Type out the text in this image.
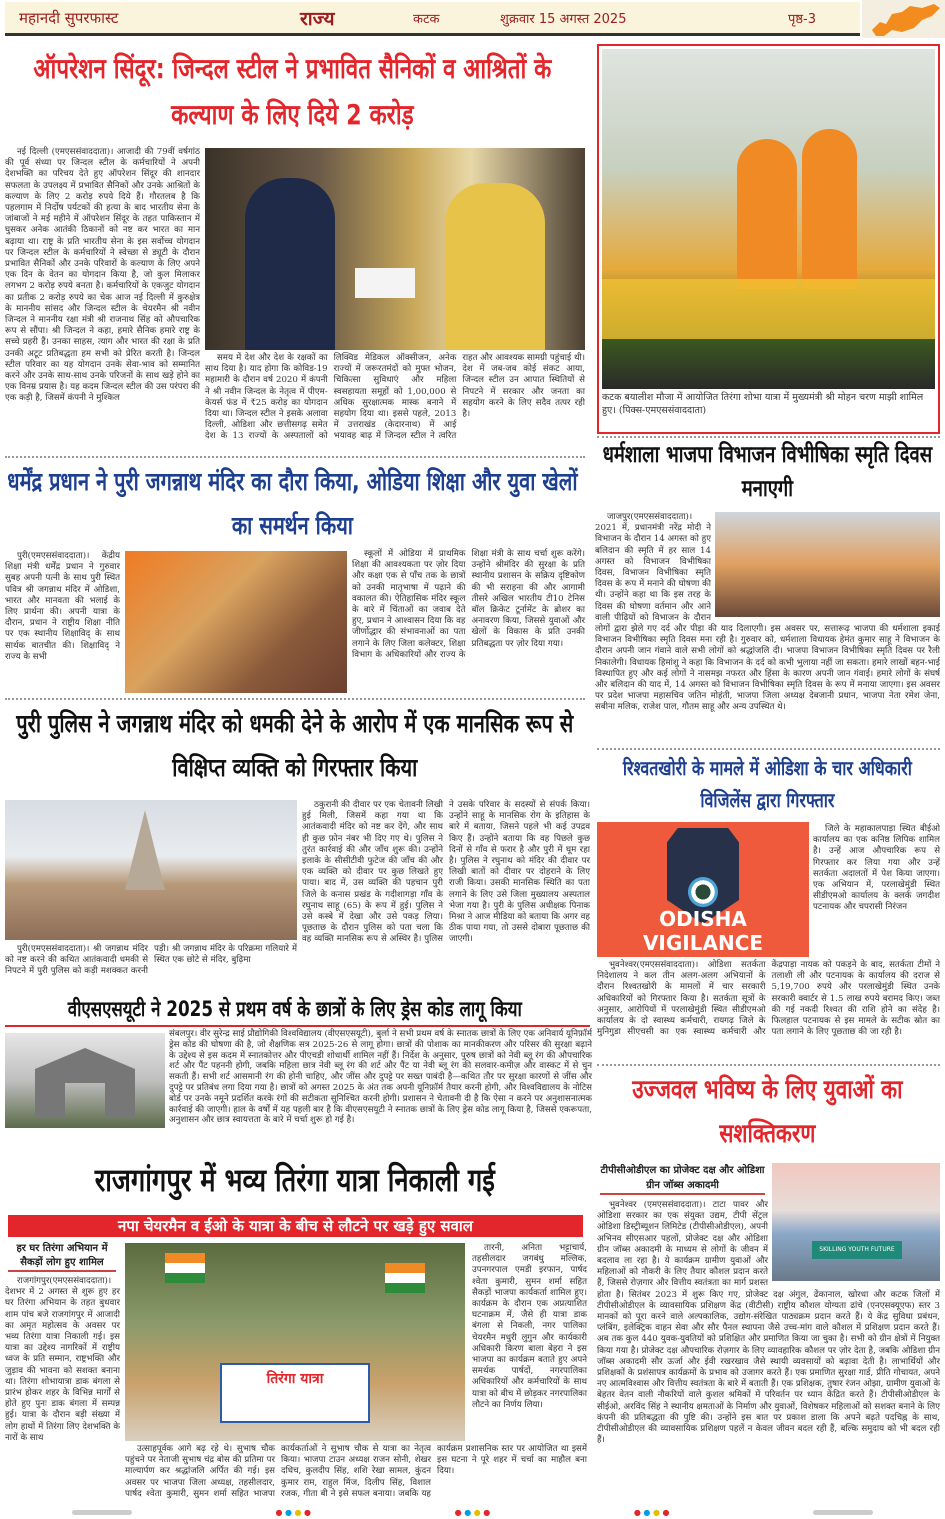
महानदी सुपरफास्ट	राज्य	कटक	शुक्रवार 15 अगस्त 2025	पृष्ठ-3
ऑपरेशन सिंदूर: जिन्दल स्टील ने प्रभावित सैनिकों व आश्रितों के कल्याण के लिए दिये 2 करोड़

नई दिल्ली (एमएससंवाददाता)। आजादी की 79वीं वर्षगांठ की पूर्व संध्या पर जिन्दल स्टील के कर्मचारियों ने अपनी देशभक्ति का परिचय देते हुए ऑपरेशन सिंदूर की शानदार सफलता के उपलक्ष्य में प्रभावित सैनिकों और उनके आश्रितों के कल्याण के लिए 2 करोड़ रुपये दिये हैं। गौरतलब है कि पहलगाम में निर्दोष पर्यटकों की हत्या के बाद भारतीय सेना के जांबाजों ने मई महीने में ऑपरेशन सिंदूर के तहत पाकिस्तान में घुसकर अनेक आतंकी ठिकानों को नष्ट कर भारत का मान बढ़ाया था। राष्ट्र के प्रति भारतीय सेना के इस सर्वोच्च योगदान पर जिन्दल स्टील के कर्मचारियों ने स्वेच्छा से ड्यूटी के दौरान प्रभावित सैनिकों और उनके परिवारों के कल्याण के लिए अपने एक दिन के वेतन का योगदान किया है, जो कुल मिलाकर लगभग 2 करोड़ रुपये बनता है। कर्मचारियों के एकजुट योगदान का प्रतीक 2 करोड़ रुपये का चेक आज नई दिल्ली में कुरुक्षेत्र के माननीय सांसद और जिन्दल स्टील के चेयरमैन श्री नवीन जिन्दल ने माननीय रक्षा मंत्री श्री राजनाथ सिंह को औपचारिक रूप से सौंपा। श्री जिन्दल ने कहा, हमारे सैनिक हमारे राष्ट्र के सच्चे प्रहरी हैं। उनका साहस, त्याग और भारत की रक्षा के प्रति उनकी अटूट प्रतिबद्धता हम सभी को प्रेरित करती है। जिन्दल स्टील परिवार का यह योगदान उनके सेवा-भाव को सम्मानित करने और उनके साथ-साथ उनके परिजनों के साथ खड़े होने का एक विनम्र प्रयास है। यह कदम जिन्दल स्टील की उस परंपरा की एक कड़ी है, जिसमें कंपनी ने मुश्किल

समय में देश और देश के रक्षकों का साथ दिया है। याद होगा कि कोविड-19 महामारी के दौरान वर्ष 2020 में कंपनी ने श्री नवीन जिन्दल के नेतृत्व में पीएम-केयर्स फंड में ₹25 करोड़ का योगदान दिया था। जिन्दल स्टील ने इसके अलावा दिल्ली, ओडिशा और छत्तीसगढ़ समेत देश के 13 राज्यों के अस्पतालों को लिक्विड मेडिकल ऑक्सीजन, अनेक राज्यों में जरूरतमंदों को मुफ्त भोजन, चिकित्सा सुविधाएं और महिला स्वसहायता समूहों को 1,00,000 से अधिक सुरक्षात्मक मास्क बनाने में सहयोग दिया था। इससे पहले, 2013 में उत्तराखंड (केदारनाथ) में आई भयावह बाढ़ में जिन्दल स्टील ने त्वरित राहत और आवश्यक सामग्री पहुंचाई थी। देश में जब-जब कोई संकट आया, जिन्दल स्टील उन आपात स्थितियों से निपटने में सरकार और जनता का सहयोग करने के लिए सदैव तत्पर रही है।

कटक बयालीश मौजा में आयोजित तिरंगा शोभा यात्रा में मुख्यमंत्री श्री मोहन चरण माझी शामिल हुए। (पिक्स-एमएससंवाददाता)
धर्मेंद्र प्रधान ने पुरी जगन्नाथ मंदिर का दौरा किया, ओडिया शिक्षा और युवा खेलों का समर्थन किया

पुरी(एमएससंवाददाता)। केंद्रीय शिक्षा मंत्री धर्मेंद्र प्रधान ने गुरुवार सुबह अपनी पत्नी के साथ पुरी स्थित पवित्र श्री जगन्नाथ मंदिर में ओडिशा, भारत और मानवता की भलाई के लिए प्रार्थना की। अपनी यात्रा के दौरान, प्रधान ने राष्ट्रीय शिक्षा नीति पर एक स्थानीय शिक्षाविद् के साथ सार्थक बातचीत की। शिक्षाविद् ने राज्य के सभी

स्कूलों में ओडिया में प्राथमिक शिक्षा की आवश्यकता पर ज़ोर दिया और कक्षा एक से पाँच तक के छात्रों को उनकी मातृभाषा में पढ़ाने की वकालत की। ऐतिहासिक मंदिर स्कूल के बारे में चिंताओं का जवाब देते हुए, प्रधान ने आश्वासन दिया कि वह जीर्णोद्धार की संभावनाओं का पता लगाने के लिए जिला कलेक्टर, शिक्षा विभाग के अधिकारियों और राज्य के शिक्षा मंत्री के साथ चर्चा शुरू करेंगे। उन्होंने श्रीमंदिर की सुरक्षा के प्रति स्थानीय प्रशासन के सक्रिय दृष्टिकोण की भी सराहना की और आगामी तीसरे अखिल भारतीय टी10 टेनिस बॉल क्रिकेट टूर्नामेंट के ब्रोशर का अनावरण किया, जिससे युवाओं और खेलों के विकास के प्रति उनकी प्रतिबद्धता पर ज़ोर दिया गया।

पुरी पुलिस ने जगन्नाथ मंदिर को धमकी देने के आरोप में एक मानसिक रूप से विक्षिप्त व्यक्ति को गिरफ्तार किया

पुरी(एमएससंवाददाता)। श्री जगन्नाथ मंदिर को नष्ट करने की कथित आतंकवादी धमकी से निपटने में पुरी पुलिस को कड़ी मशक्कत करनी पड़ी। श्री जगन्नाथ मंदिर के परिक्रमा गलियारे में स्थित एक छोटे से मंदिर, बुढ़िमा

ठकुरानी की दीवार पर एक चेतावनी लिखी हुई मिली, जिसमें कहा गया था कि आतंकवादी मंदिर को नष्ट कर देंगे, और साथ ही कुछ फ़ोन नंबर भी दिए गए थे। पुलिस ने तुरंत कार्रवाई की और जाँच शुरू की। उन्होंने इलाके के सीसीटीवी फुटेज की जाँच की और एक व्यक्ति को दीवार पर कुछ लिखते हुए पाया। बाद में, उस व्यक्ति की पहचान पुरी जिले के कनास प्रखंड के गदीशागड़ा गाँव के रघुनाथ साहू (65) के रूप में हुई। पुलिस ने उसे कस्बे में देखा और उसे पकड़ लिया। पूछताछ के दौरान पुलिस को पता चला कि वह व्यक्ति मानसिक रूप से अस्थिर है। पुलिस ने उसके परिवार के सदस्यों से संपर्क किया। उन्होंने साहू के मानसिक रोग के इतिहास के बारे में बताया, जिसने पहले भी कई उपद्रव किए हैं। उन्होंने बताया कि वह पिछले कुछ दिनों से गाँव से फरार है और पुरी में घूम रहा है। पुलिस ने रघुनाथ को मंदिर की दीवार पर लिखी बातों को दीवार पर दोहराने के लिए राजी किया। उसकी मानसिक स्थिति का पता लगाने के लिए उसे जिला मुख्यालय अस्पताल भेजा गया है। पुरी के पुलिस अधीक्षक पिनाक मिश्रा ने आज मीडिया को बताया कि अगर वह ठीक पाया गया, तो उससे दोबारा पूछताछ की जाएगी।

वीएसएसयूटी ने 2025 से प्रथम वर्ष के छात्रों के लिए ड्रेस कोड लागू किया

संबलपुर। वीर सुरेन्द्र साई प्रौद्योगिकी विश्वविद्यालय (वीएसएसयूटी), बुर्ला ने सभी प्रथम वर्ष के स्नातक छात्रों के लिए एक अनिवार्य यूनिफ़ॉर्म ड्रेस कोड की घोषणा की है, जो शैक्षणिक सत्र 2025-26 से लागू होगा। छात्रों की पोशाक का मानकीकरण और परिसर की सुरक्षा बढ़ाने के उद्देश्य से इस कदम में स्नातकोत्तर और पीएचडी शोधार्थी शामिल नहीं हैं। निर्देश के अनुसार, पुरुष छात्रों को नेवी ब्लू रंग की औपचारिक शर्ट और पैंट पहननी होगी, जबकि महिला छात्र नेवी ब्लू रंग की शर्ट और पैंट या नेवी ब्लू रंग की सलवार-कमीज़ और वास्कट में से चुन सकती हैं। सभी शर्ट आसमानी रंग की होनी चाहिए, और जींस और दुपट्टे पर सख्त पाबंदी है—कथित तौर पर सुरक्षा कारणों से जींस और दुपट्टे पर प्रतिबंध लगा दिया गया है। छात्रों को अगस्त 2025 के अंत तक अपनी यूनिफ़ॉर्म तैयार करनी होगी, और विश्वविद्यालय के नोटिस बोर्ड पर उनके नमूने प्रदर्शित करके रंगों की सटीकता सुनिश्चित करनी होगी। प्रशासन ने चेतावनी दी है कि ऐसा न करने पर अनुशासनात्मक कार्रवाई की जाएगी। हाल के वर्षों में यह पहली बार है कि वीएसएसयूटी ने स्नातक छात्रों के लिए ड्रेस कोड लागू किया है, जिससे एकरूपता, अनुशासन और छात्र स्वायत्तता के बारे में चर्चा शुरू हो गई है।

राजगांगपुर में भव्य तिरंगा यात्रा निकाली गई
नपा चेयरमैन व ईओ के यात्रा के बीच से लौटने पर खड़े हुए सवाल
हर घर तिरंगा अभियान में सैकड़ों लोग हुए शामिल

राजगांगपुर(एमएससंवाददाता)। देशभर में 2 अगस्त से शुरू हुए हर घर तिरंगा अभियान के तहत बुधवार शाम पांच बजे राजगांगपुर में आजादी का अमृत महोत्सव के अवसर पर भव्य तिरंगा यात्रा निकाली गई। इस यात्रा का उद्देश्य नागरिकों में राष्ट्रीय ध्वज के प्रति सम्मान, राष्ट्रभक्ति और जुड़ाव की भावना को सशक्त बनाना था। तिरंगा शोभायात्रा डाक बंगला से प्रारंभ होकर शहर के विभिन्न मार्गों से होते हुए पुनः डाक बंगला में सम्पन्न हुई। यात्रा के दौरान बड़ी संख्या में लोग हाथों में तिरंगा लिए देशभक्ति के नारों के साथ

तिरंगा यात्रा

तारनी, अनिता भट्टाचार्य, तहसीलदार जगबंधु मल्लिक, उपनगरपाल एमडी इरफान, पार्षद श्वेता कुमारी, सुमन शर्मा सहित सैकड़ों भाजपा कार्यकर्ता शामिल हुए। कार्यक्रम के दौरान एक अप्रत्याशित घटनाक्रम में, जैसे ही यात्रा डाक बंगला से निकली, नगर पालिका चेयरमैन मधुरी लुगुन और कार्यकारी अधिकारी किरण बाला बेहरा ने इस भाजपा का कार्यक्रम बताते हुए अपने समर्थक पार्षदों, नगरपालिका अधिकारियों और कर्मचारियों के साथ यात्रा को बीच में छोड़कर नगरपालिका लौटने का निर्णय लिया।

उत्साहपूर्वक आगे बढ़ रहे थे। सुभाष चौक पहुंचने पर नेताजी सुभाष चंद्र बोस की प्रतिमा पर माल्यार्पण कर श्रद्धांजलि अर्पित की गई। इस अवसर पर भाजपा जिला अध्यक्ष, तहसीलदार, पार्षद श्वेता कुमारी, सुमन शर्मा सहित भाजपा कार्यकर्ताओं ने सुभाष चौक से यात्रा का नेतृत्व किया। भाजपा टाउन अध्यक्ष राजन सोनी, शेखर दधिच, कुलदीप सिंह, शशि रेखा सामल, कुंदन कुमार राम, राहुल मिंज, दिलीप सिंह, विशाल रजक, गीता बी ने इसे सफल बनाया। जबकि यह कार्यक्रम प्रशासनिक स्तर पर आयोजित था इसमें इस घटना ने पूरे शहर में चर्चा का माहौल बना दिया।

धर्मशाला भाजपा विभाजन विभीषिका स्मृति दिवस मनाएगी

जाजपुर(एमएससंवाददाता)। 2021 में, प्रधानमंत्री नरेंद्र मोदी ने विभाजन के दौरान 14 अगस्त को हुए बलिदान की स्मृति में हर साल 14 अगस्त को विभाजन विभीषिका दिवस, विभाजन विभीषिका स्मृति दिवस के रूप में मनाने की घोषणा की थी। उन्होंने कहा था कि इस तरह के दिवस की घोषणा वर्तमान और आने वाली पीढ़ियों को विभाजन के दौरान लोगों द्वारा झेले गए दर्द और पीड़ा की याद दिलाएगी। इस अवसर पर, सत्तारूढ़ भाजपा की धर्मशाला इकाई विभाजन विभीषिका स्मृति दिवस मना रही है। गुरुवार को, धर्मशाला विधायक हेमंत कुमार साहू ने विभाजन के दौरान अपनी जान गंवाने वाले सभी लोगों को श्रद्धांजलि दी। भाजपा विभाजन विभीषिका स्मृति दिवस पर रैली निकालेगी। विधायक हिमांशु ने कहा कि विभाजन के दर्द को कभी भुलाया नहीं जा सकता। हमारे लाखों बहन-भाई विस्थापित हुए और कई लोगों ने नासमझ नफरत और हिंसा के कारण अपनी जान गंवाई। हमारे लोगों के संघर्ष और बलिदान की याद में, 14 अगस्त को विभाजन विभीषिका स्मृति दिवस के रूप में मनाया जाएगा। इस अवसर पर प्रदेश भाजपा महासचिव जतिन मोहंती, भाजपा जिला अध्यक्ष देबजानी प्रधान, भाजपा नेता रमेश जेना, सबीना मलिक, राजेश पाल, गौतम साहू और अन्य उपस्थित थे।

रिश्वतखोरी के मामले में ओडिशा के चार अधिकारी विजिलेंस द्वारा गिरफ्तार
ODISHA VIGILANCE

जिले के महाकालपाड़ा स्थित बीईओ कार्यालय का एक कनिष्ठ लिपिक शामिल है। उन्हें आज औपचारिक रूप से गिरफ्तार कर लिया गया और उन्हें सतर्कता अदालतों में पेश किया जाएगा। एक अभियान में, परलाखेमुंडी स्थित सीडीएमओ कार्यालय के क्लर्क जगदीश पटनायक और चपरासी निरंजन

भुवनेश्वर(एमएससंवाददाता)। ओडिशा सतर्कता निदेशालय ने कल तीन अलग-अलग अभियानों के दौरान रिश्वतखोरी के मामलों में चार सरकारी अधिकारियों को गिरफ्तार किया है। सतर्कता सूत्रों के अनुसार, आरोपियों में परलाखेमुंडी स्थित सीडीएमओ कार्यालय के दो स्वास्थ्य कर्मचारी, रायगढ़ जिले के मुनिगुडा सीएचसी का एक स्वास्थ्य कर्मचारी और केंद्रपाड़ा नायक को पकड़ने के बाद, सतर्कता टीमों ने तलाशी ली और पटनायक के कार्यालय की दराज से 5,19,700 रुपये और परलाखेमुंडी स्थित उनके सरकारी क्वार्टर से 1.5 लाख रुपये बरामद किए। जब्त की गई नकदी रिश्वत की राशि होने का संदेह है। फिलहाल पटनायक से इस मामले के सटीक स्रोत का पता लगाने के लिए पूछताछ की जा रही है।

उज्जवल भविष्य के लिए युवाओं का सशक्तिकरण
टीपीसीओडीएल का प्रोजेक्ट दक्ष और ओडिशा ग्रीन जॉब्स अकादमी
SKILLING YOUTH FUTURE

भुवनेश्वर (एमएससंवाददाता)। टाटा पावर और ओडिशा सरकार का एक संयुक्त उद्यम, टीपी सेंट्रल ओडिशा डिस्ट्रीब्यूशन लिमिटेड (टीपीसीओडीएल), अपनी अभिनव सीएसआर पहलों, प्रोजेक्ट दक्ष और ओडिशा ग्रीन जॉब्स अकादमी के माध्यम से लोगों के जीवन में बदलाव ला रहा है। ये कार्यक्रम ग्रामीण युवाओं और महिलाओं को नौकरी के लिए तैयार कौशल प्रदान करते हैं, जिससे रोज़गार और वित्तीय स्वतंत्रता का मार्ग प्रशस्त होता है। सितंबर 2023 में शुरू किए गए, प्रोजेक्ट दक्ष अंगुल, ढेंकानाल, खोरधा और कटक जिलों में टीपीसीओडीएल के व्यावसायिक प्रशिक्षण केंद्र (वीटीसी) राष्ट्रीय कौशल योग्यता ढांचे (एनएसक्यूएफ) स्तर 3 मानकों को पूरा करने वाले अल्पकालिक, उद्योग-संरेखित पाठ्यक्रम प्रदान करते हैं। ये केंद्र सुविधा प्रबंधन, प्लंबिंग, इलेक्ट्रिक वाहन सेवा और सौर पैनल स्थापना जैसे उच्च-मांग वाले कौशल में प्रशिक्षण प्रदान करते हैं। अब तक कुल 440 युवक-युवतियों को प्रशिक्षित और प्रमाणित किया जा चुका है। सभी को ग्रीन क्षेत्रों में नियुक्त किया गया है। प्रोजेक्ट दक्ष औपचारिक रोज़गार के लिए व्यावहारिक कौशल पर ज़ोर देता है, जबकि ओडिशा ग्रीन जॉब्स अकादमी सौर ऊर्जा और ईवी रखरखाव जैसे स्थायी व्यवसायों को बढ़ावा देती है। लाभार्थियों और प्रशिक्षकों के प्रशंसापत्र कार्यक्रमों के प्रभाव को उजागर करते हैं। एक प्रमाणित सुरक्षा गार्ड, प्रीति गोचायत, अपने नए आत्मविश्वास और वित्तीय स्वतंत्रता के बारे में बताती हैं। एक प्रशिक्षक, तुषार रंजन ओझा, ग्रामीण युवाओं के बेहतर वेतन वाली नौकरियों वाले कुशल श्रमिकों में परिवर्तन पर ध्यान केंद्रित करते हैं। टीपीसीओडीएल के सीईओ, अरविंद सिंह ने स्थानीय क्षमताओं के निर्माण और युवाओं, विशेषकर महिलाओं को सशक्त बनाने के लिए कंपनी की प्रतिबद्धता की पुष्टि की। उन्होंने इस बात पर प्रकाश डाला कि अपने बढ़ते पदचिह्न के साथ, टीपीसीओडीएल की व्यावसायिक प्रशिक्षण पहलें न केवल जीवन बदल रही हैं, बल्कि समुदाय को भी बदल रही हैं।

● ● ● ●	● ● ● ●	● ● ● ●
